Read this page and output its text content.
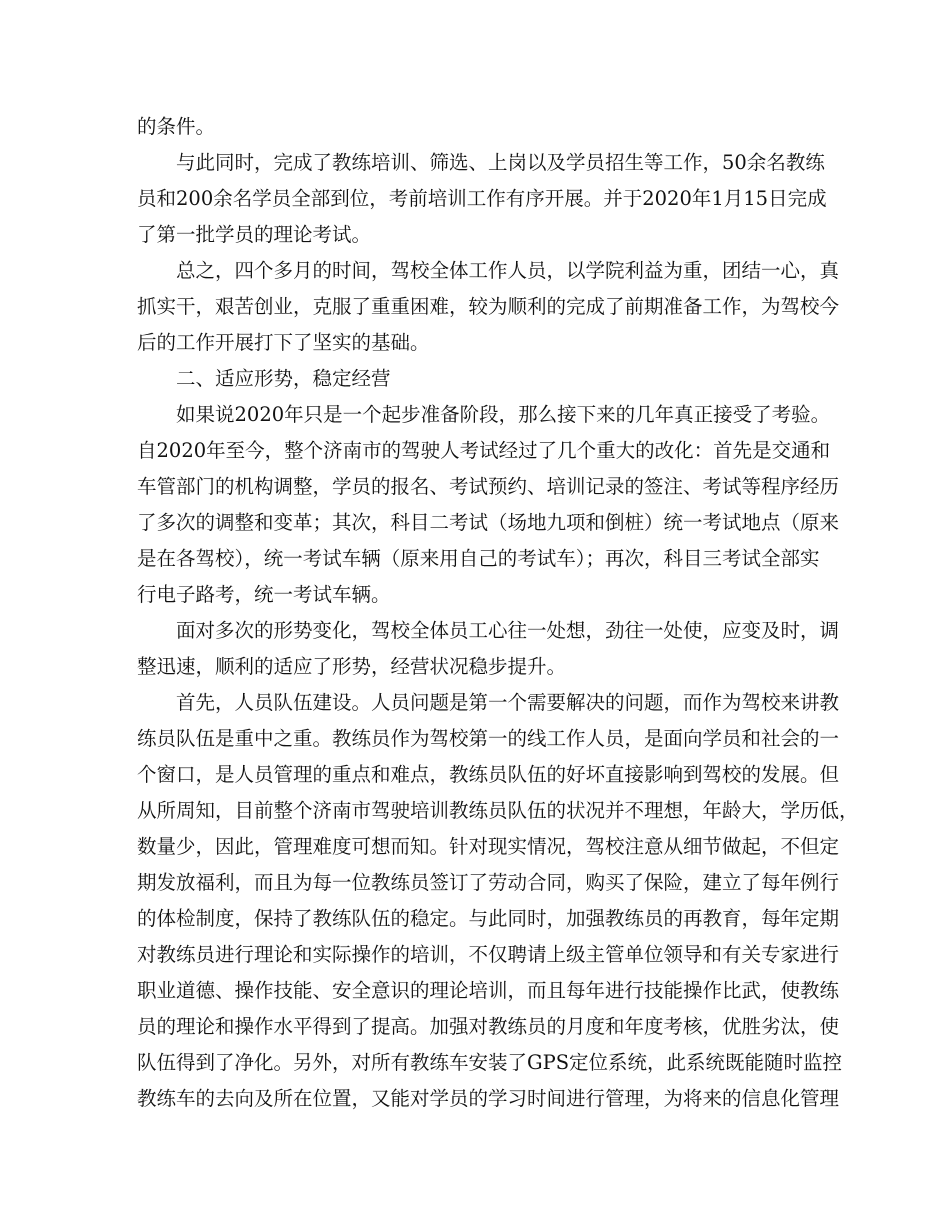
的条件。
与此同时，完成了教练培训、筛选、上岗以及学员招生等工作，50余名教练
员和200余名学员全部到位，考前培训工作有序开展。并于2020年1月15日完成
了第一批学员的理论考试。
总之，四个多月的时间，驾校全体工作人员，以学院利益为重，团结一心，真
抓实干，艰苦创业，克服了重重困难，较为顺利的完成了前期准备工作，为驾校今
后的工作开展打下了坚实的基础。
二、适应形势，稳定经营
如果说2020年只是一个起步准备阶段，那么接下来的几年真正接受了考验。
自2020年至今，整个济南市的驾驶人考试经过了几个重大的改化：首先是交通和
车管部门的机构调整，学员的报名、考试预约、培训记录的签注、考试等程序经历
了多次的调整和变革；其次，科目二考试（场地九项和倒桩）统一考试地点（原来
是在各驾校），统一考试车辆（原来用自己的考试车）；再次，科目三考试全部实
行电子路考，统一考试车辆。
面对多次的形势变化，驾校全体员工心往一处想，劲往一处使，应变及时，调
整迅速，顺利的适应了形势，经营状况稳步提升。
首先，人员队伍建设。人员问题是第一个需要解决的问题，而作为驾校来讲教
练员队伍是重中之重。教练员作为驾校第一的线工作人员，是面向学员和社会的一
个窗口，是人员管理的重点和难点，教练员队伍的好坏直接影响到驾校的发展。但
从所周知，目前整个济南市驾驶培训教练员队伍的状况并不理想，年龄大，学历低，
数量少，因此，管理难度可想而知。针对现实情况，驾校注意从细节做起，不但定
期发放福利，而且为每一位教练员签订了劳动合同，购买了保险，建立了每年例行
的体检制度，保持了教练队伍的稳定。与此同时，加强教练员的再教育，每年定期
对教练员进行理论和实际操作的培训，不仅聘请上级主管单位领导和有关专家进行
职业道德、操作技能、安全意识的理论培训，而且每年进行技能操作比武，使教练
员的理论和操作水平得到了提高。加强对教练员的月度和年度考核，优胜劣汰，使
队伍得到了净化。另外，对所有教练车安装了GPS定位系统，此系统既能随时监控
教练车的去向及所在位置，又能对学员的学习时间进行管理，为将来的信息化管理
